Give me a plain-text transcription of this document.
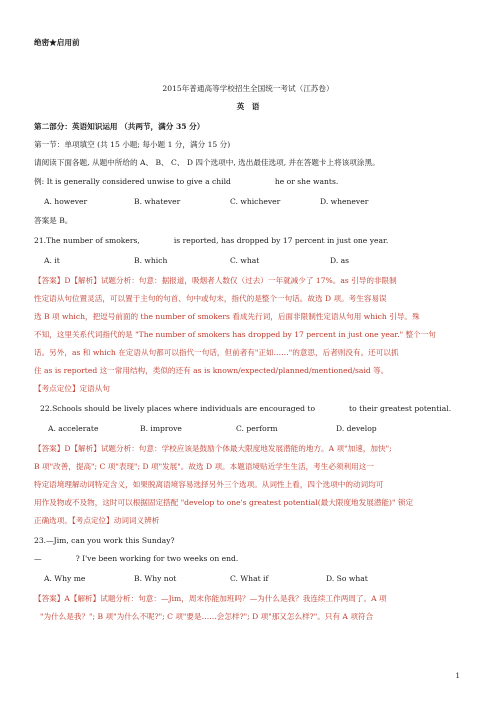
绝密★启用前
2015年普通高等学校招生全国统一考试（江苏卷）
英　语
第二部分：英语知识运用 （共两节，满分 35 分）
第一节：单项填空 (共 15 小题; 每小题 1 分，满分 15 分)
请阅读下面各题, 从题中所给的 A、 B、 C、 D 四个选项中, 选出最佳选项, 并在答题卡上将该项涂黑。
例: It is generally considered unwise to give a child	he or she wants.
A. however	B. whatever	C. whichever	D. whenever
答案是 B。
21.The number of smokers,	is reported, has dropped by 17 percent in just one year.
A. it	B. which	C. what	D. as
【答案】D【解析】试题分析：句意：据报道，吸烟者人数仅（过去）一年就减少了 17%。as 引导的非限制
性定语从句位置灵活，可以置于主句的句首、句中或句末，指代的是整个一句话。故选 D 项。考生容易误
选 B 项 which，把逗号前面的 the number of smokers 看成先行词，后面非限制性定语从句用 which 引导。殊
不知，这里关系代词指代的是 "The number of smokers has dropped by 17 percent in just one year." 整个一句
话。另外，as 和 which 在定语从句都可以指代一句话，但前者有"正如……"的意思，后者则没有。还可以抓
住 as is reported 这一常用结构，类似的还有 as is known/expected/planned/mentioned/said 等。
【考点定位】定语从句
22.Schools should be lively places where individuals are encouraged to	to their greatest potential.
A. accelerate	B. improve	C. perform	D. develop
【答案】D【解析】试题分析：句意：学校应该是鼓励个体最大限度地发展潜能的地方。A 项"加速，加快";
B 项"改善，提高"; C 项"表现"; D 项"发展"。故选 D 项。本题语境贴近学生生活，考生必须利用这一
特定语境理解动词特定含义，如果脱离语境容易选择另外三个选项。从词性上看，四个选项中的动词均可
用作及物或不及物，这时可以根据固定搭配 "develop to one's greatest potential(最大限度地发展潜能)" 锁定
正确选项。【考点定位】动词词义辨析
23.—Jim, can you work this Sunday?
—	? I've been working for two weeks on end.
A. Why me	B. Why not	C. What if	D. So what
【答案】A【解析】试题分析：句意：—Jim，周末你能加班吗？—为什么是我？我连续工作两周了。A 项
"为什么是我？"; B 项"为什么不呢?"; C 项"要是……会怎样?"; D 项"那又怎么样?"。只有 A 项符合
1
